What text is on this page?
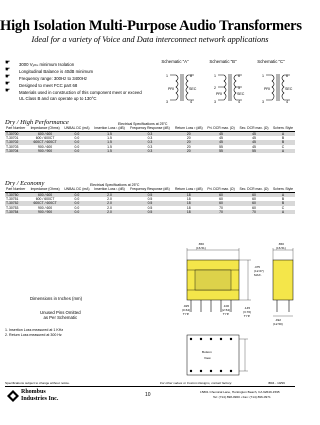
High Isolation Multi-Purpose Audio Transformers
Ideal for a variety of Voice and Data interconnect network applications
☛ 3000 Vₓₘₛ minimum Isolation
☛ Longitudinal Balance is 40dB minimum
☛ Frequency range: 300Hz to 3400Hz
☛ Designed to meet FCC part 68
☛ Materials used in construction of this component meet or exceed UL Class B and can operate up to 130°C
Schematic "A"	Schematic "B"	Schematic "C"
1
3
8
4
PRI	SEC
1
2
3
6
5
4
PRI	SEC
1
3
6
4
PRI	SEC
Dry / High Performance	Electrical Specifications at 25°C
Part Number	Impedance (Ohms)	UNBAL DC (mA)	Insertion Loss ¹ (dB)	Frequency Response (dB)	Return Loss ² (dB)	Pri. DCR max. (Ω)	Sec. DCR max. (Ω)	Schem. Style
T-30700	600 / 600	0.0	1.5	0.3	20	45	45	A
T-30701	600 / 600CT	0.0	1.5	0.3	20	45	45	B
T-30702	600CT / 600CT	0.0	1.5	0.3	20	45	45	B
T-30703	900 / 600	0.0	1.5	0.3	20	55	45	C
T-30704	900 / 900	0.0	1.5	0.3	20	55	55	A
Dry / Economy	Electrical Specifications at 25°C
Part Number	Impedance (Ohms)	UNBAL DC (mA)	Insertion Loss ¹ (dB)	Frequency Response (dB)	Return Loss ² (dB)	Pri. DCR max. (Ω)	Sec. DCR max. (Ω)	Schem. Style
T-30750	600 / 600	0.0	2.0	0.5	18	60	60	A
T-30751	600 / 600CT	0.0	2.0	0.5	18	60	60	B
T-30752	600CT / 600CT	0.0	2.0	0.5	18	60	60	B
T-30753	900 / 600	0.0	2.0	0.5	18	70	60	C
T-30754	900 / 900	0.0	2.0	0.5	18	70	70	A
1. Insertion Loss measured at 1 KHz
2. Return Loss measured at 300 Hz
.650
(16.51)
.650
(16.51)
.475
(12.07)
MAX.
.025
(0.64)
TYP.
.100
(2.54)
TYP.
.145
(3.70)
TYP.
.492
(12.50)
Dimensions in Inches (mm)
Unused Pins Omitted
as Per Schematic
Bottom
View
Specifications subject to change without notice.	For other values or Custom Designs, contact factory.	IB04 - 10/99
Rhombus
Industries Inc.
10	15801 Chemical Lane, Huntington Beach, CA 92649-1595
Tel: (714) 898-0960 • Fax: (714) 896-0971
